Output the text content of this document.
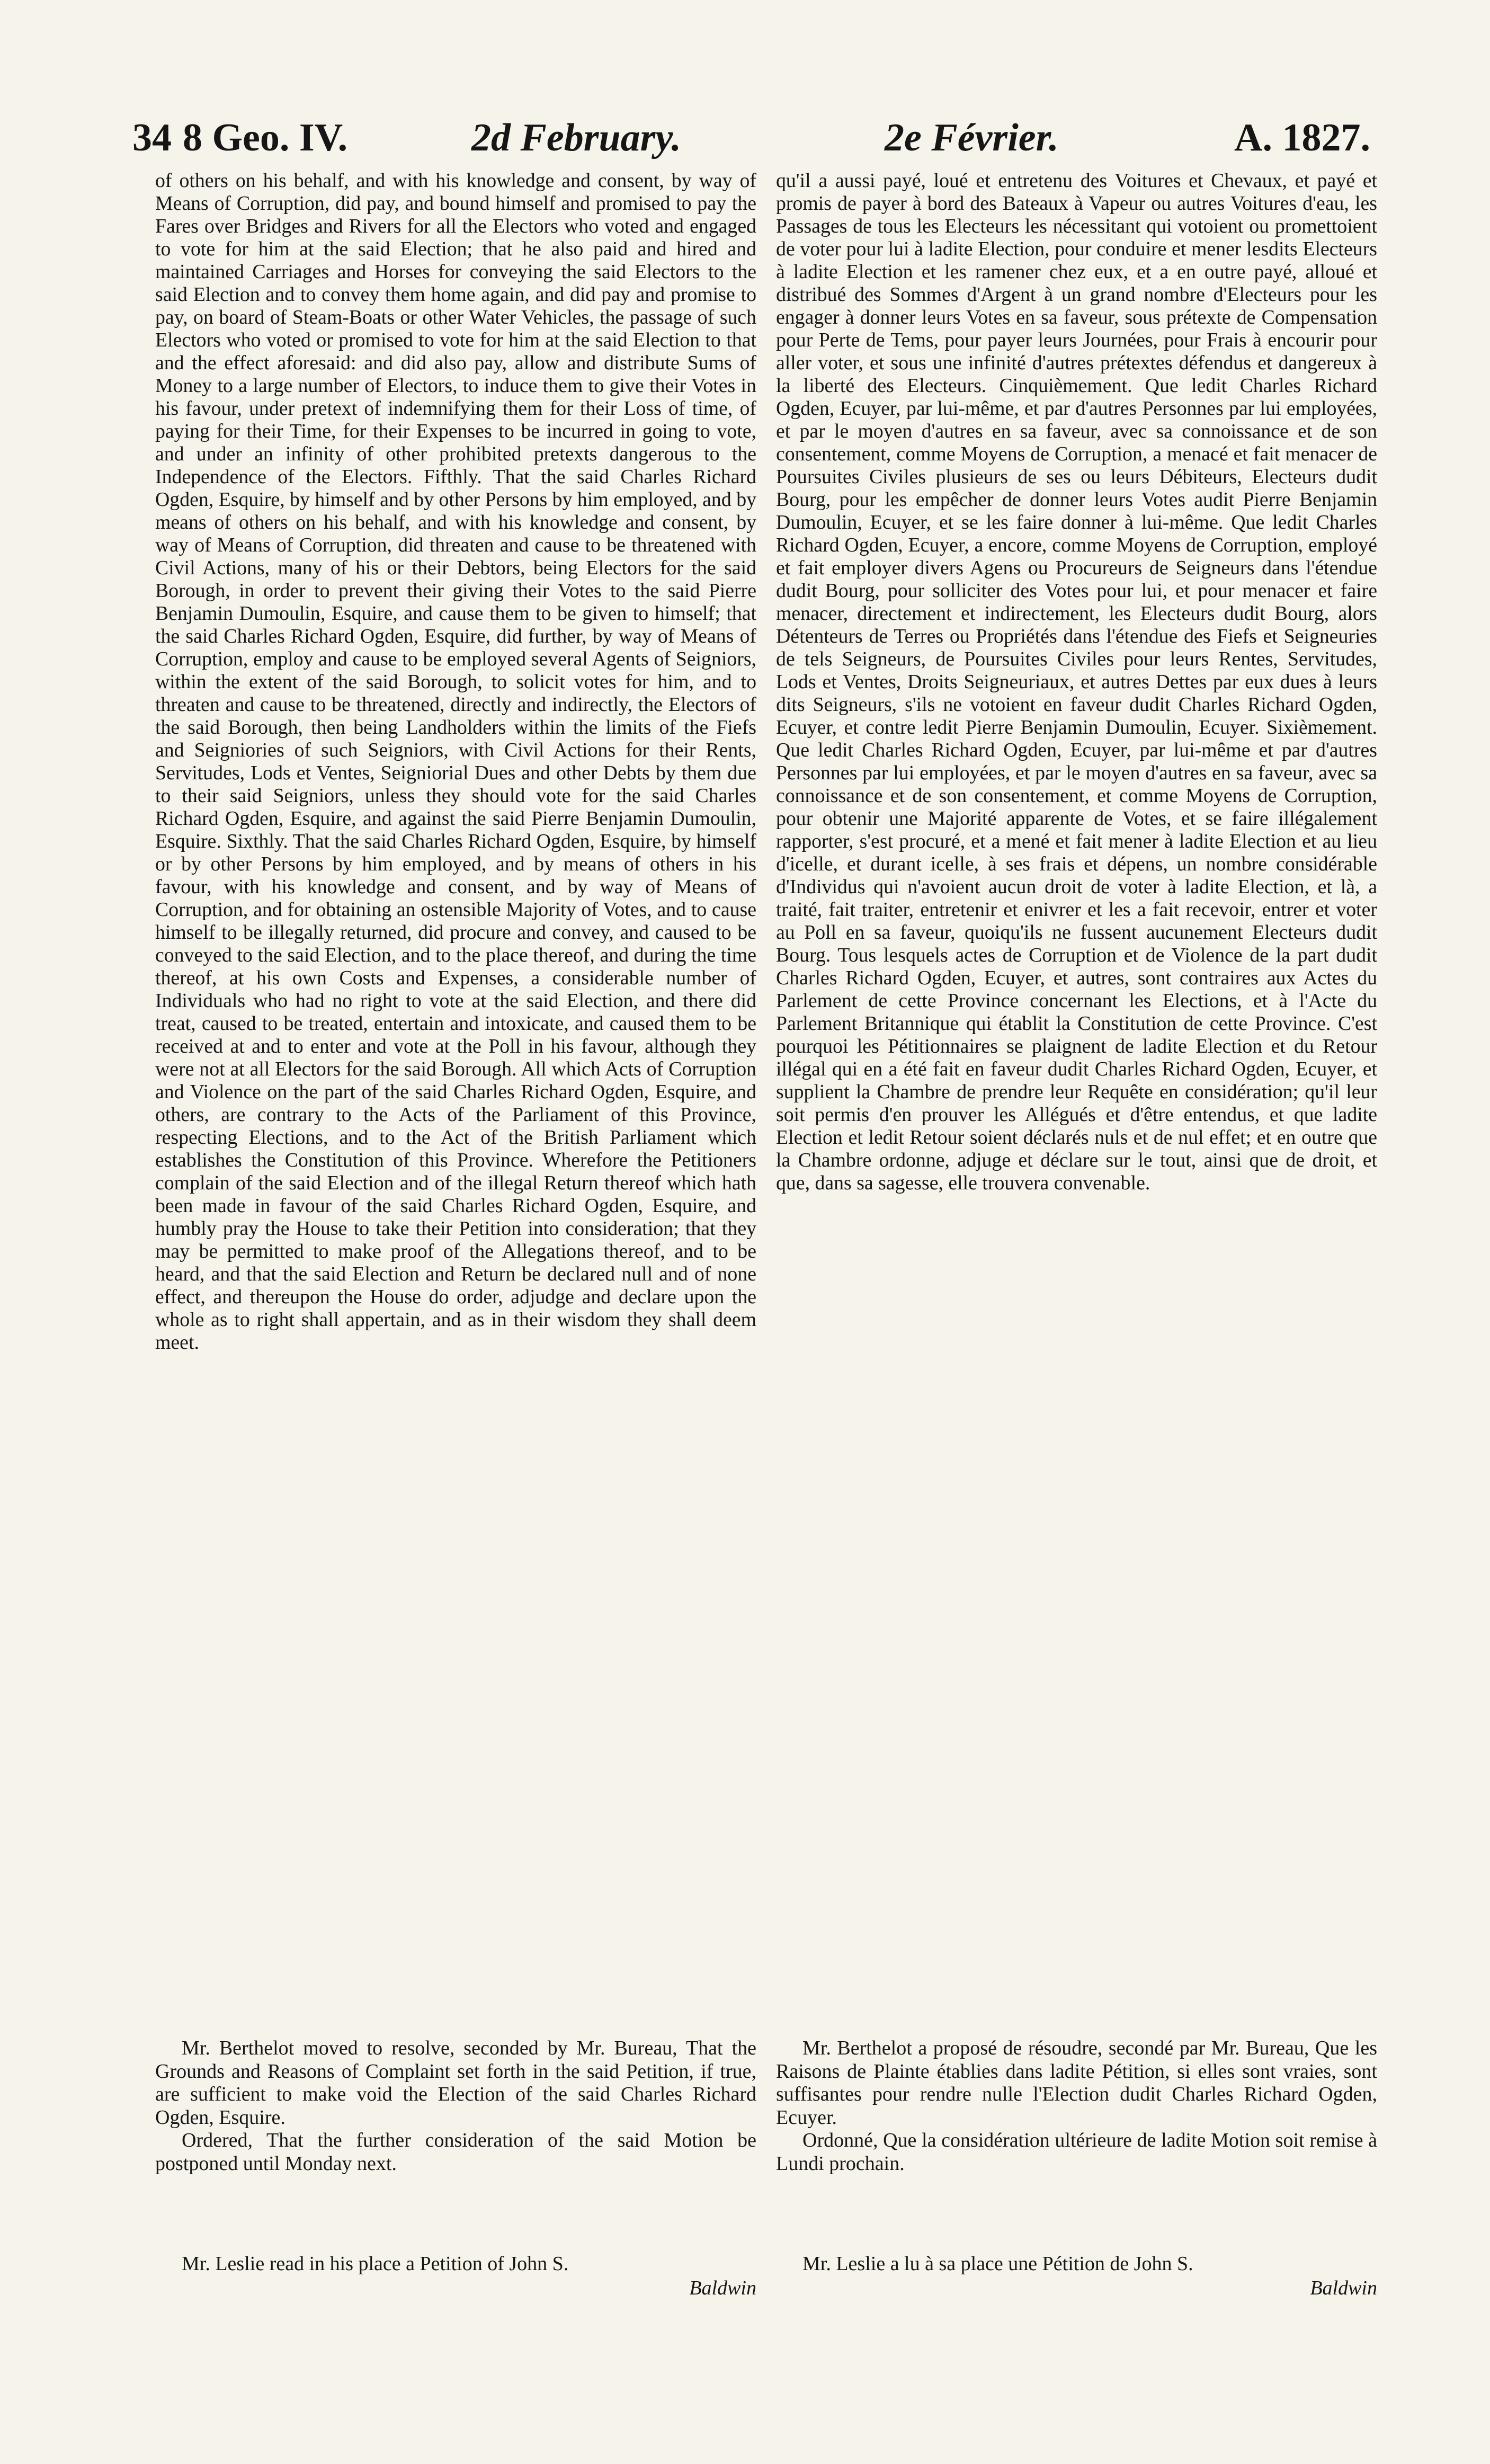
34 8 Geo. IV.	2d February.	2e Février.	A. 1827.

of others on his behalf, and with his knowledge and consent, by way of Means of Corruption, did pay, and bound himself and promised to pay the Fares over Bridges and Rivers for all the Electors who voted and engaged to vote for him at the said Election; that he also paid and hired and maintained Carriages and Horses for conveying the said Electors to the said Election and to convey them home again, and did pay and promise to pay, on board of Steam-Boats or other Water Vehicles, the passage of such Electors who voted or promised to vote for him at the said Election to that and the effect aforesaid: and did also pay, allow and distribute Sums of Money to a large number of Electors, to induce them to give their Votes in his favour, under pretext of indemnifying them for their Loss of time, of paying for their Time, for their Expenses to be incurred in going to vote, and under an infinity of other prohibited pretexts dangerous to the Independence of the Electors. Fifthly. That the said Charles Richard Ogden, Esquire, by himself and by other Persons by him employed, and by means of others on his behalf, and with his knowledge and consent, by way of Means of Corruption, did threaten and cause to be threatened with Civil Actions, many of his or their Debtors, being Electors for the said Borough, in order to prevent their giving their Votes to the said Pierre Benjamin Dumoulin, Esquire, and cause them to be given to himself; that the said Charles Richard Ogden, Esquire, did further, by way of Means of Corruption, employ and cause to be employed several Agents of Seigniors, within the extent of the said Borough, to solicit votes for him, and to threaten and cause to be threatened, directly and indirectly, the Electors of the said Borough, then being Landholders within the limits of the Fiefs and Seigniories of such Seigniors, with Civil Actions for their Rents, Servitudes, Lods et Ventes, Seigniorial Dues and other Debts by them due to their said Seigniors, unless they should vote for the said Charles Richard Ogden, Esquire, and against the said Pierre Benjamin Dumoulin, Esquire. Sixthly. That the said Charles Richard Ogden, Esquire, by himself or by other Persons by him employed, and by means of others in his favour, with his knowledge and consent, and by way of Means of Corruption, and for obtaining an ostensible Majority of Votes, and to cause himself to be illegally returned, did procure and convey, and caused to be conveyed to the said Election, and to the place thereof, and during the time thereof, at his own Costs and Expenses, a considerable number of Individuals who had no right to vote at the said Election, and there did treat, caused to be treated, entertain and intoxicate, and caused them to be received at and to enter and vote at the Poll in his favour, although they were not at all Electors for the said Borough. All which Acts of Corruption and Violence on the part of the said Charles Richard Ogden, Esquire, and others, are contrary to the Acts of the Parliament of this Province, respecting Elections, and to the Act of the British Parliament which establishes the Constitution of this Province. Wherefore the Petitioners complain of the said Election and of the illegal Return thereof which hath been made in favour of the said Charles Richard Ogden, Esquire, and humbly pray the House to take their Petition into consideration; that they may be permitted to make proof of the Allegations thereof, and to be heard, and that the said Election and Return be declared null and of none effect, and thereupon the House do order, adjudge and declare upon the whole as to right shall appertain, and as in their wisdom they shall deem meet.

qu'il a aussi payé, loué et entretenu des Voitures et Chevaux, et payé et promis de payer à bord des Bateaux à Vapeur ou autres Voitures d'eau, les Passages de tous les Electeurs les nécessitant qui votoient ou promettoient de voter pour lui à ladite Election, pour conduire et mener lesdits Electeurs à ladite Election et les ramener chez eux, et a en outre payé, alloué et distribué des Sommes d'Argent à un grand nombre d'Electeurs pour les engager à donner leurs Votes en sa faveur, sous prétexte de Compensation pour Perte de Tems, pour payer leurs Journées, pour Frais à encourir pour aller voter, et sous une infinité d'autres prétextes défendus et dangereux à la liberté des Electeurs. Cinquièmement. Que ledit Charles Richard Ogden, Ecuyer, par lui-même, et par d'autres Personnes par lui employées, et par le moyen d'autres en sa faveur, avec sa connoissance et de son consentement, comme Moyens de Corruption, a menacé et fait menacer de Poursuites Civiles plusieurs de ses ou leurs Débiteurs, Electeurs dudit Bourg, pour les empêcher de donner leurs Votes audit Pierre Benjamin Dumoulin, Ecuyer, et se les faire donner à lui-même. Que ledit Charles Richard Ogden, Ecuyer, a encore, comme Moyens de Corruption, employé et fait employer divers Agens ou Procureurs de Seigneurs dans l'étendue dudit Bourg, pour solliciter des Votes pour lui, et pour menacer et faire menacer, directement et indirectement, les Electeurs dudit Bourg, alors Détenteurs de Terres ou Propriétés dans l'étendue des Fiefs et Seigneuries de tels Seigneurs, de Poursuites Civiles pour leurs Rentes, Servitudes, Lods et Ventes, Droits Seigneuriaux, et autres Dettes par eux dues à leurs dits Seigneurs, s'ils ne votoient en faveur dudit Charles Richard Ogden, Ecuyer, et contre ledit Pierre Benjamin Dumoulin, Ecuyer. Sixièmement. Que ledit Charles Richard Ogden, Ecuyer, par lui-même et par d'autres Personnes par lui employées, et par le moyen d'autres en sa faveur, avec sa connoissance et de son consentement, et comme Moyens de Corruption, pour obtenir une Majorité apparente de Votes, et se faire illégalement rapporter, s'est procuré, et a mené et fait mener à ladite Election et au lieu d'icelle, et durant icelle, à ses frais et dépens, un nombre considérable d'Individus qui n'avoient aucun droit de voter à ladite Election, et là, a traité, fait traiter, entretenir et enivrer et les a fait recevoir, entrer et voter au Poll en sa faveur, quoiqu'ils ne fussent aucunement Electeurs dudit Bourg. Tous lesquels actes de Corruption et de Violence de la part dudit Charles Richard Ogden, Ecuyer, et autres, sont contraires aux Actes du Parlement de cette Province concernant les Elections, et à l'Acte du Parlement Britannique qui établit la Constitution de cette Province. C'est pourquoi les Pétitionnaires se plaignent de ladite Election et du Retour illégal qui en a été fait en faveur dudit Charles Richard Ogden, Ecuyer, et supplient la Chambre de prendre leur Requête en considération; qu'il leur soit permis d'en prouver les Allégués et d'être entendus, et que ladite Election et ledit Retour soient déclarés nuls et de nul effet; et en outre que la Chambre ordonne, adjuge et déclare sur le tout, ainsi que de droit, et que, dans sa sagesse, elle trouvera convenable.

Mr. Berthelot moved to resolve, seconded by Mr. Bureau, That the Grounds and Reasons of Complaint set forth in the said Petition, if true, are sufficient to make void the Election of the said Charles Richard Ogden, Esquire.

Ordered, That the further consideration of the said Motion be postponed until Monday next.

Mr. Berthelot a proposé de résoudre, secondé par Mr. Bureau, Que les Raisons de Plainte établies dans ladite Pétition, si elles sont vraies, sont suffisantes pour rendre nulle l'Election dudit Charles Richard Ogden, Ecuyer.

Ordonné, Que la considération ultérieure de ladite Motion soit remise à Lundi prochain.

Mr. Leslie read in his place a Petition of John S.

Baldwin

Mr. Leslie a lu à sa place une Pétition de John S.

Baldwin
